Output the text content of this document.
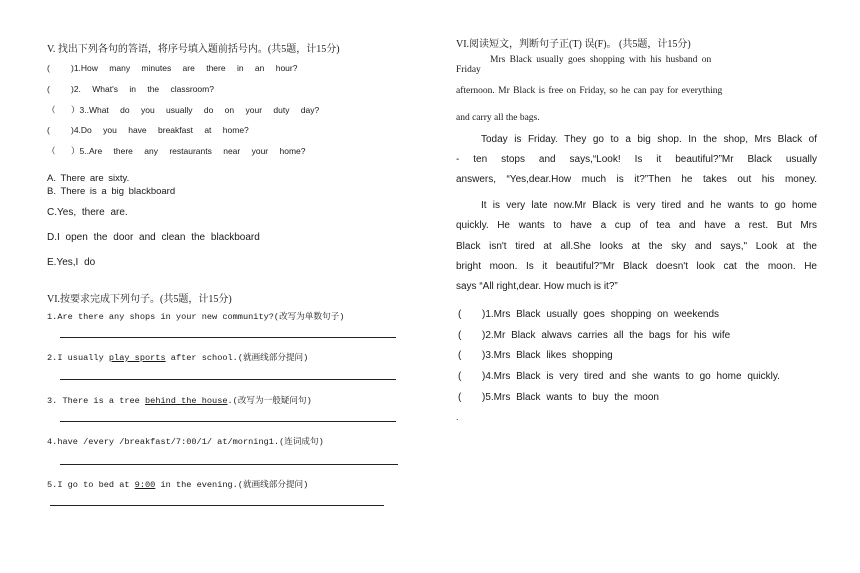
V. 找出下列各句的答语，将序号填入题前括号内。(共5题，计15分)
( )1.How many minutes are there in an hour?
( )2. What's in the classroom?
（ ）3..What do you usually do on your duty day?
( )4.Do you have breakfast at home?
（ ）5..Are there any restaurants near your home?
A. There are sixty.
B. There is a big blackboard
C.Yes, there are.
D.I open the door and clean the blackboard
E.Yes,I do
VI.按要求完成下列句子。(共5题，计15分)
1.Are there any shops in your new community?(改写为单数句子)
2.I usually play sports after school.(就画线部分提问)
3. There is a tree behind the house.(改写为一般疑问句)
4.have /every /breakfast/7:00/1/ at/morning1.(连词成句)
5.I go to bed at 9:00 in the evening.(就画线部分提问)
VI.阅读短文，判断句子正(T) 误(F)。 (共5题，计15分)
Mrs Black usually goes shopping with his husband on
Friday
afternoon. Mr Black is free on Friday, so he can pay for everything
and carry all the bags.
Today is Friday. They go to a big shop. In the shop, Mrs Black of
- ten stops and says,“Look! Is it beautiful?”Mr Black usually
answers, “Yes,dear.How much is it?”Then he takes out his money.
It is very late now.Mr Black is very tired and he wants to go home
quickly. He wants to have a cup of tea and have a rest. But Mrs
Black isn't tired at all.She looks at the sky and says," Look at the
bright moon. Is it beautiful?"Mr Black doesn't look cat the moon. He
says “All right,dear. How much is it?”
( )1.Mrs Black usually goes shopping on weekends
( )2.Mr Black alwavs carries all the bags for his wife
( )3.Mrs Black likes shopping
( )4.Mrs Black is very tired and she wants to go home quickly.
( )5.Mrs Black wants to buy the moon
.
